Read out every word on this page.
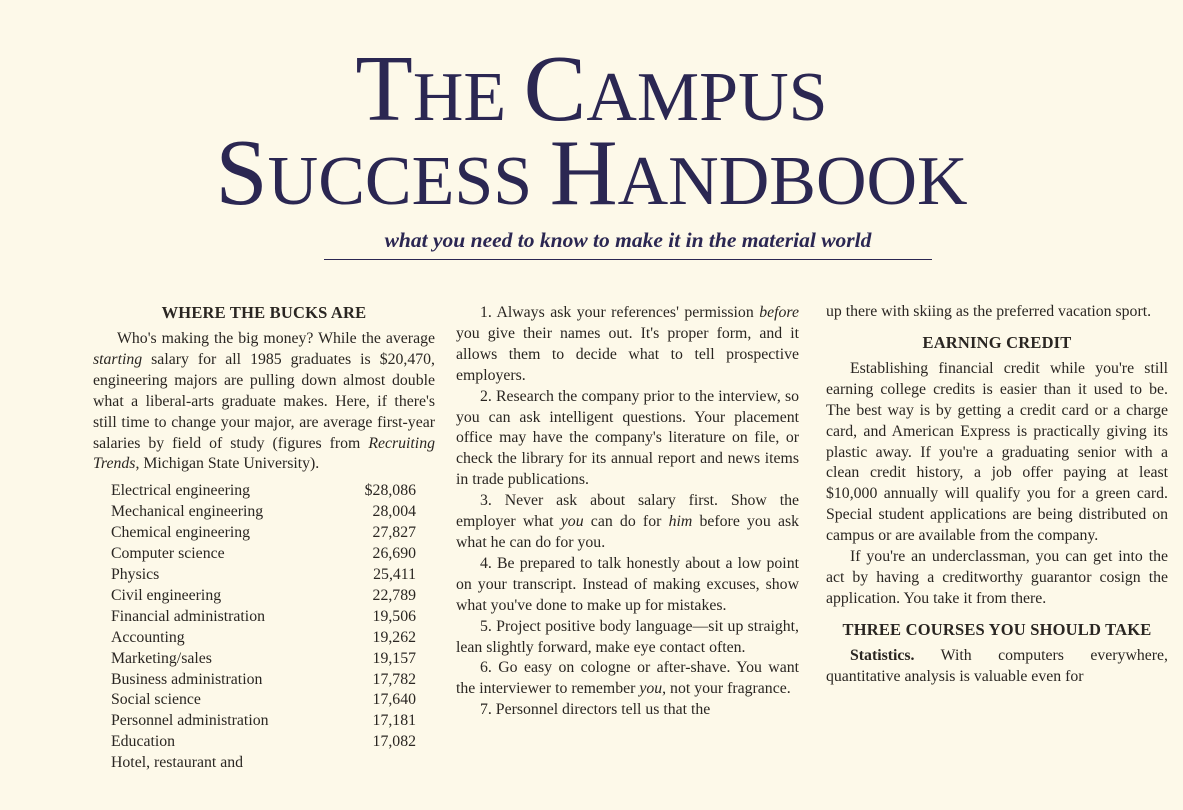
THE CAMPUS
SUCCESS HANDBOOK
what you need to know to make it in the material world
WHERE THE BUCKS ARE

Who's making the big money? While the average starting salary for all 1985 graduates is $20,470, engineering majors are pulling down almost double what a liberal-arts graduate makes. Here, if there's still time to change your major, are average first-year salaries by field of study (figures from Recruiting Trends, Michigan State University).

Electrical engineering	$28,086
Mechanical engineering	28,004
Chemical engineering	27,827
Computer science	26,690
Physics	25,411
Civil engineering	22,789
Financial administration	19,506
Accounting	19,262
Marketing/sales	19,157
Business administration	17,782
Social science	17,640
Personnel administration	17,181
Education	17,082
Hotel, restaurant and	

1. Always ask your references' permission before you give their names out. It's proper form, and it allows them to decide what to tell prospective employers.

2. Research the company prior to the interview, so you can ask intelligent questions. Your placement office may have the company's literature on file, or check the library for its annual report and news items in trade publications.

3. Never ask about salary first. Show the employer what you can do for him before you ask what he can do for you.

4. Be prepared to talk honestly about a low point on your transcript. Instead of making excuses, show what you've done to make up for mistakes.

5. Project positive body language—sit up straight, lean slightly forward, make eye contact often.

6. Go easy on cologne or after-shave. You want the interviewer to remember you, not your fragrance.

7. Personnel directors tell us that the

up there with skiing as the preferred vacation sport.

EARNING CREDIT

Establishing financial credit while you're still earning college credits is easier than it used to be. The best way is by getting a credit card or a charge card, and American Express is practically giving its plastic away. If you're a graduating senior with a clean credit history, a job offer paying at least $10,000 annually will qualify you for a green card. Special student applications are being distributed on campus or are available from the company.

If you're an underclassman, you can get into the act by having a creditworthy guarantor cosign the application. You take it from there.

THREE COURSES YOU SHOULD TAKE

Statistics. With computers everywhere, quantitative analysis is valuable even for
